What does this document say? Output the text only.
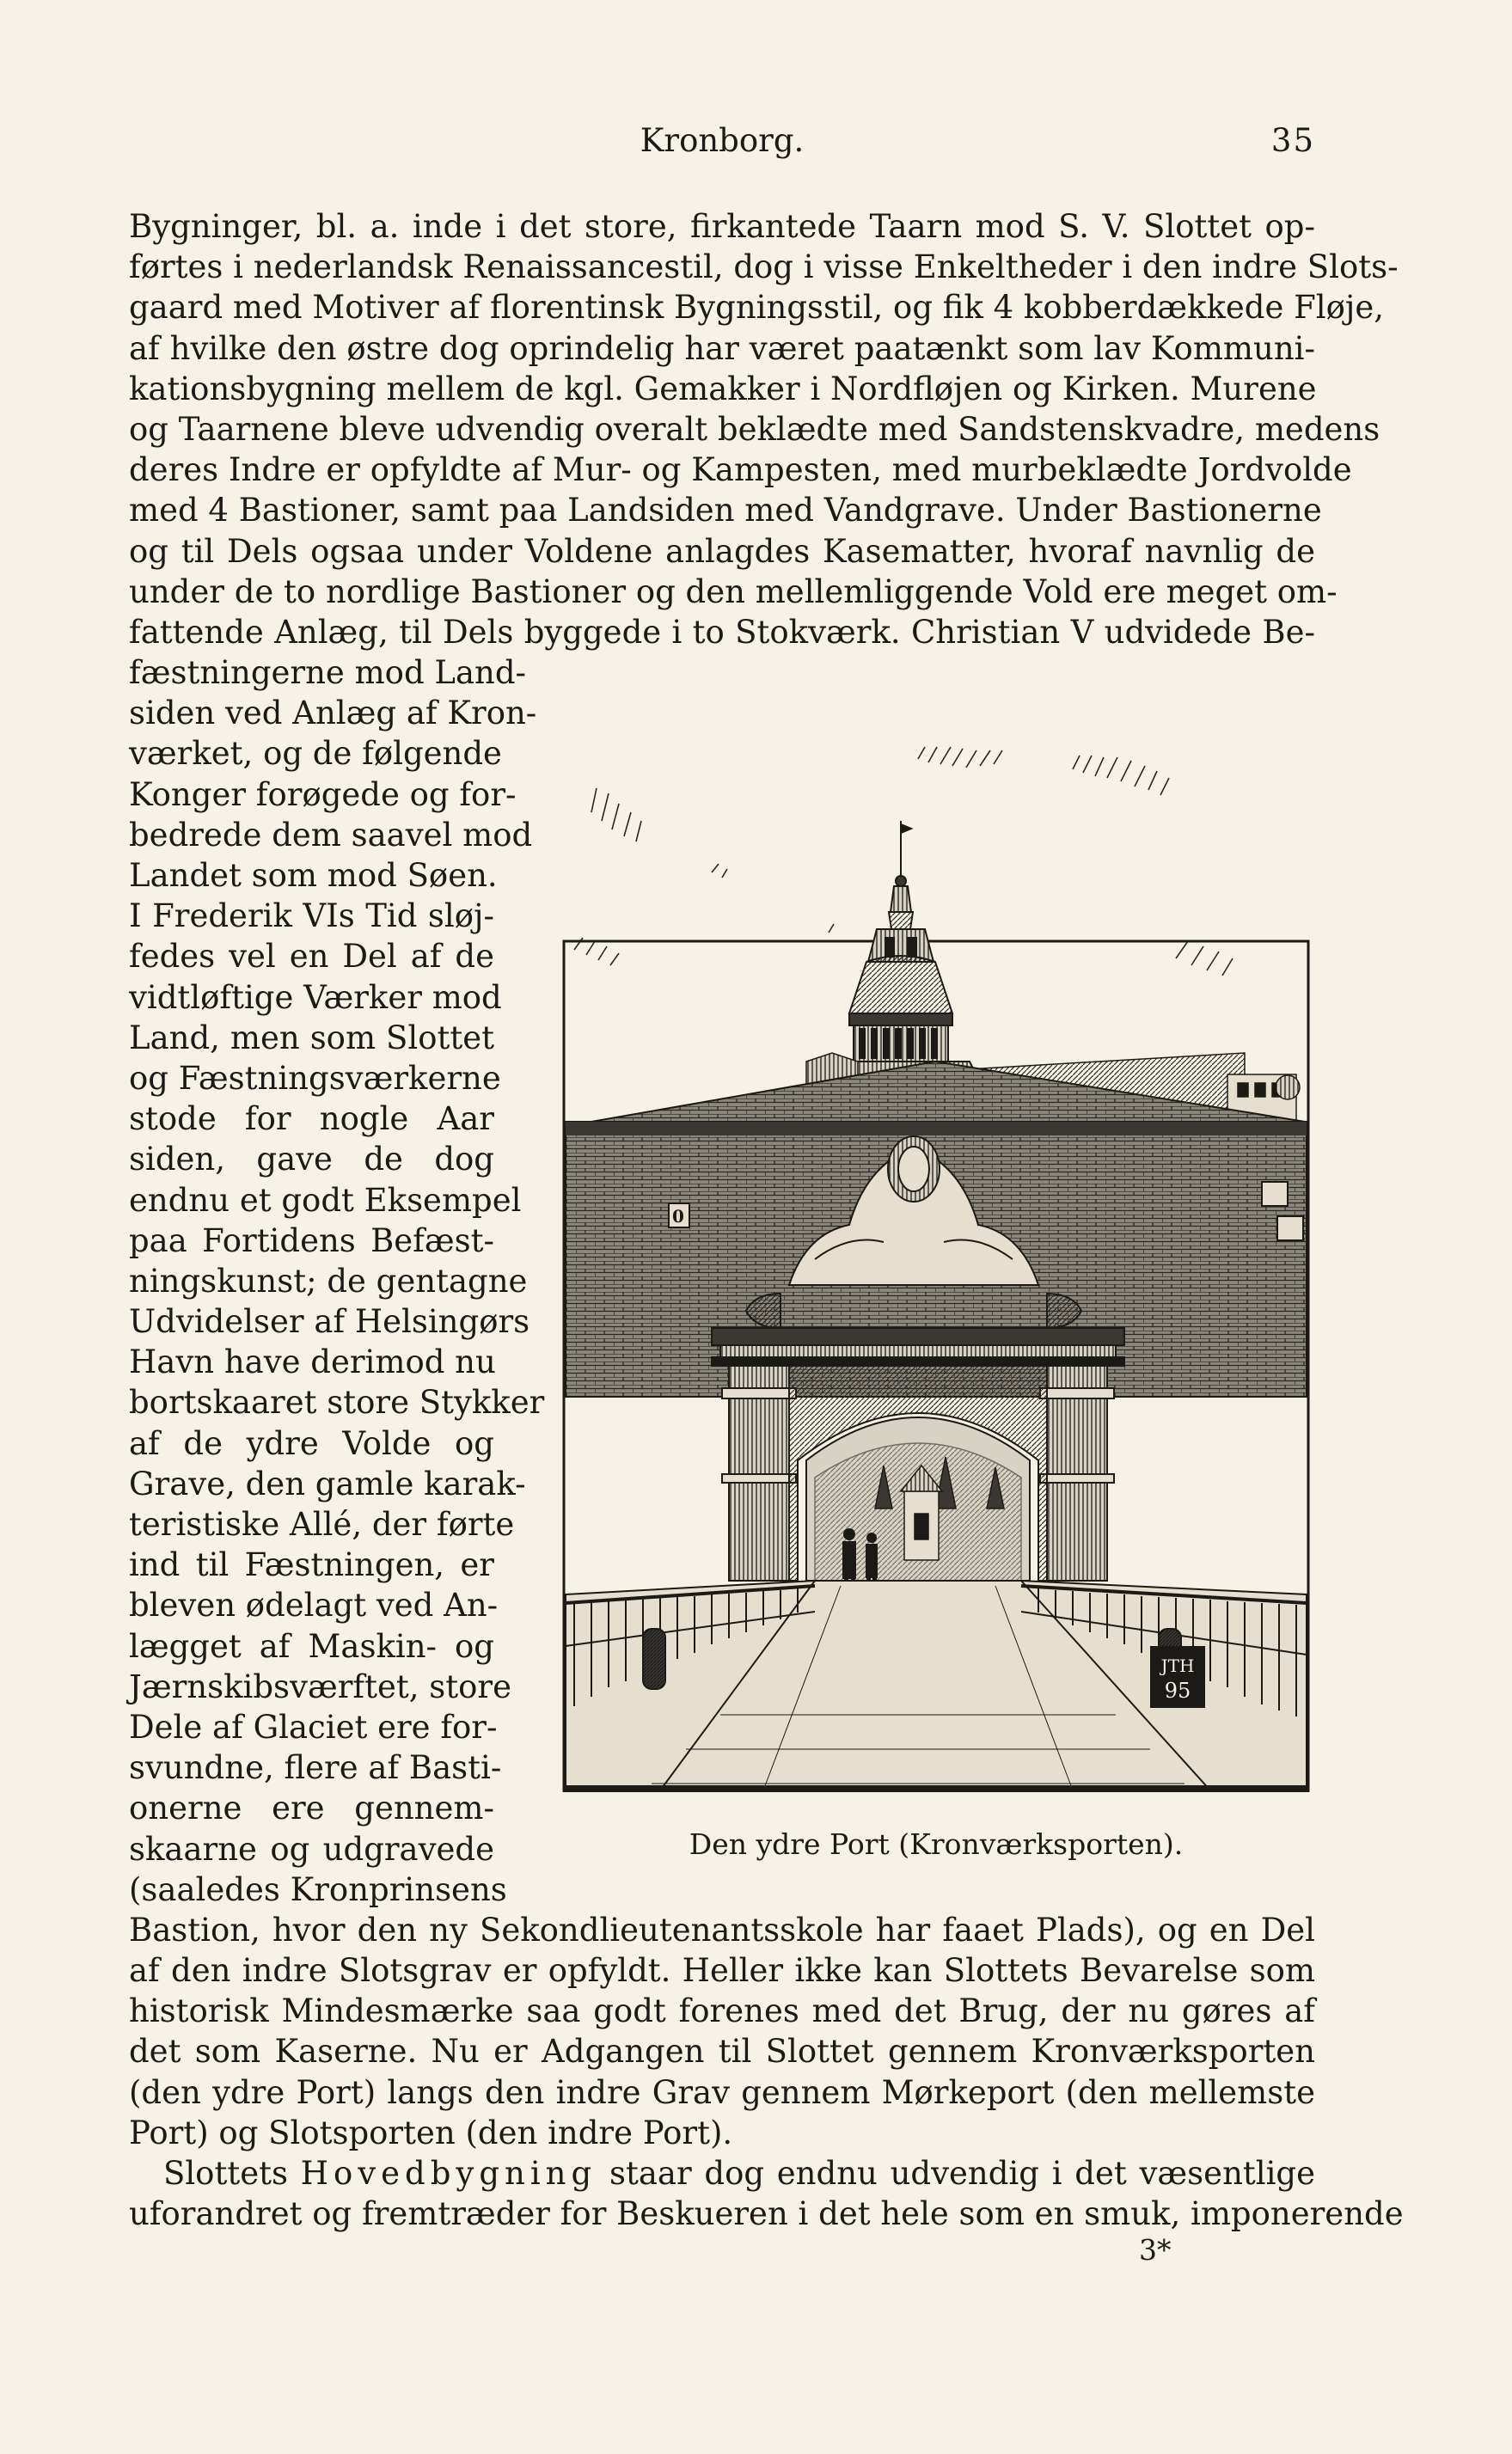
Kronborg.	35
Bygninger, bl. a. inde i det store, firkantede Taarn mod S. V. Slottet op-
førtes i nederlandsk Renaissancestil, dog i visse Enkeltheder i den indre Slots-
gaard med Motiver af florentinsk Bygningsstil, og fik 4 kobberdækkede Fløje,
af hvilke den østre dog oprindelig har været paatænkt som lav Kommuni-
kationsbygning mellem de kgl. Gemakker i Nordfløjen og Kirken. Murene
og Taarnene bleve udvendig overalt beklædte med Sandstenskvadre, medens
deres Indre er opfyldte af Mur- og Kampesten, med murbeklædte Jordvolde
med 4 Bastioner, samt paa Landsiden med Vandgrave. Under Bastionerne
og til Dels ogsaa under Voldene anlagdes Kasematter, hvoraf navnlig de
under de to nordlige Bastioner og den mellemliggende Vold ere meget om-
fattende Anlæg, til Dels byggede i to Stokværk. Christian V udvidede Be-
fæstningerne mod Land-
siden ved Anlæg af Kron-
værket, og de følgende
Konger forøgede og for-
bedrede dem saavel mod
Landet som mod Søen.
I Frederik VIs Tid sløj-
fedes vel en Del af de
vidtløftige Værker mod
Land, men som Slottet
og Fæstningsværkerne
stode for nogle Aar
siden, gave de dog
endnu et godt Eksempel
paa Fortidens Befæst-
ningskunst; de gentagne
Udvidelser af Helsingørs
Havn have derimod nu
bortskaaret store Stykker
af de ydre Volde og
Grave, den gamle karak-
teristiske Allé, der førte
ind til Fæstningen, er
bleven ødelagt ved An-
lægget af Maskin- og
Jærnskibsværftet, store
Dele af Glaciet ere for-
svundne, flere af Basti-
onerne ere gennem-
skaarne og udgravede
(saaledes Kronprinsens
Bastion, hvor den ny Sekondlieutenantsskole har faaet Plads), og en Del
af den indre Slotsgrav er opfyldt. Heller ikke kan Slottets Bevarelse som
historisk Mindesmærke saa godt forenes med det Brug, der nu gøres af
det som Kaserne. Nu er Adgangen til Slottet gennem Kronværksporten
(den ydre Port) langs den indre Grav gennem Mørkeport (den mellemste
Port) og Slotsporten (den indre Port).
Slottets Hovedbygning staar dog endnu udvendig i det væsentlige
uforandret og fremtræder for Beskueren i det hele som en smuk, imponerende
0
JTH
95
Den ydre Port (Kronværksporten).
3*
